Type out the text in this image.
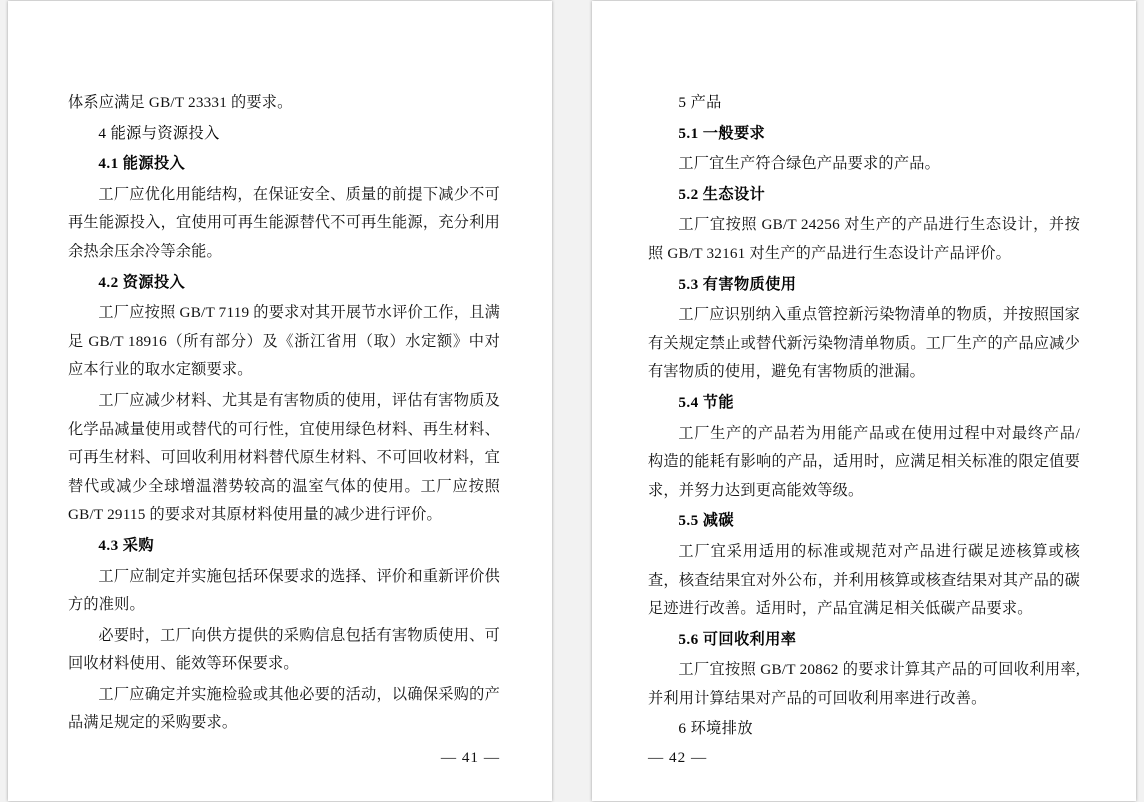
体系应满足 GB/T 23331 的要求。

4 能源与资源投入

4.1 能源投入

工厂应优化用能结构，在保证安全、质量的前提下减少不可再生能源投入，宜使用可再生能源替代不可再生能源，充分利用余热余压余冷等余能。

4.2 资源投入

工厂应按照 GB/T 7119 的要求对其开展节水评价工作，且满足 GB/T 18916（所有部分）及《浙江省用（取）水定额》中对应本行业的取水定额要求。

工厂应减少材料、尤其是有害物质的使用，评估有害物质及化学品减量使用或替代的可行性，宜使用绿色材料、再生材料、可再生材料、可回收利用材料替代原生材料、不可回收材料，宜替代或减少全球增温潜势较高的温室气体的使用。工厂应按照 GB/T 29115 的要求对其原材料使用量的减少进行评价。

4.3 采购

工厂应制定并实施包括环保要求的选择、评价和重新评价供方的准则。

必要时，工厂向供方提供的采购信息包括有害物质使用、可回收材料使用、能效等环保要求。

工厂应确定并实施检验或其他必要的活动，以确保采购的产品满足规定的采购要求。

— 41 —

5 产品

5.1 一般要求

工厂宜生产符合绿色产品要求的产品。

5.2 生态设计

工厂宜按照 GB/T 24256 对生产的产品进行生态设计，并按照 GB/T 32161 对生产的产品进行生态设计产品评价。

5.3 有害物质使用

工厂应识别纳入重点管控新污染物清单的物质，并按照国家有关规定禁止或替代新污染物清单物质。工厂生产的产品应减少有害物质的使用，避免有害物质的泄漏。

5.4 节能

工厂生产的产品若为用能产品或在使用过程中对最终产品/构造的能耗有影响的产品，适用时，应满足相关标准的限定值要求，并努力达到更高能效等级。

5.5 减碳

工厂宜采用适用的标准或规范对产品进行碳足迹核算或核查，核查结果宜对外公布，并利用核算或核查结果对其产品的碳足迹进行改善。适用时，产品宜满足相关低碳产品要求。

5.6 可回收利用率

工厂宜按照 GB/T 20862 的要求计算其产品的可回收利用率,并利用计算结果对产品的可回收利用率进行改善。

6 环境排放

— 42 —
